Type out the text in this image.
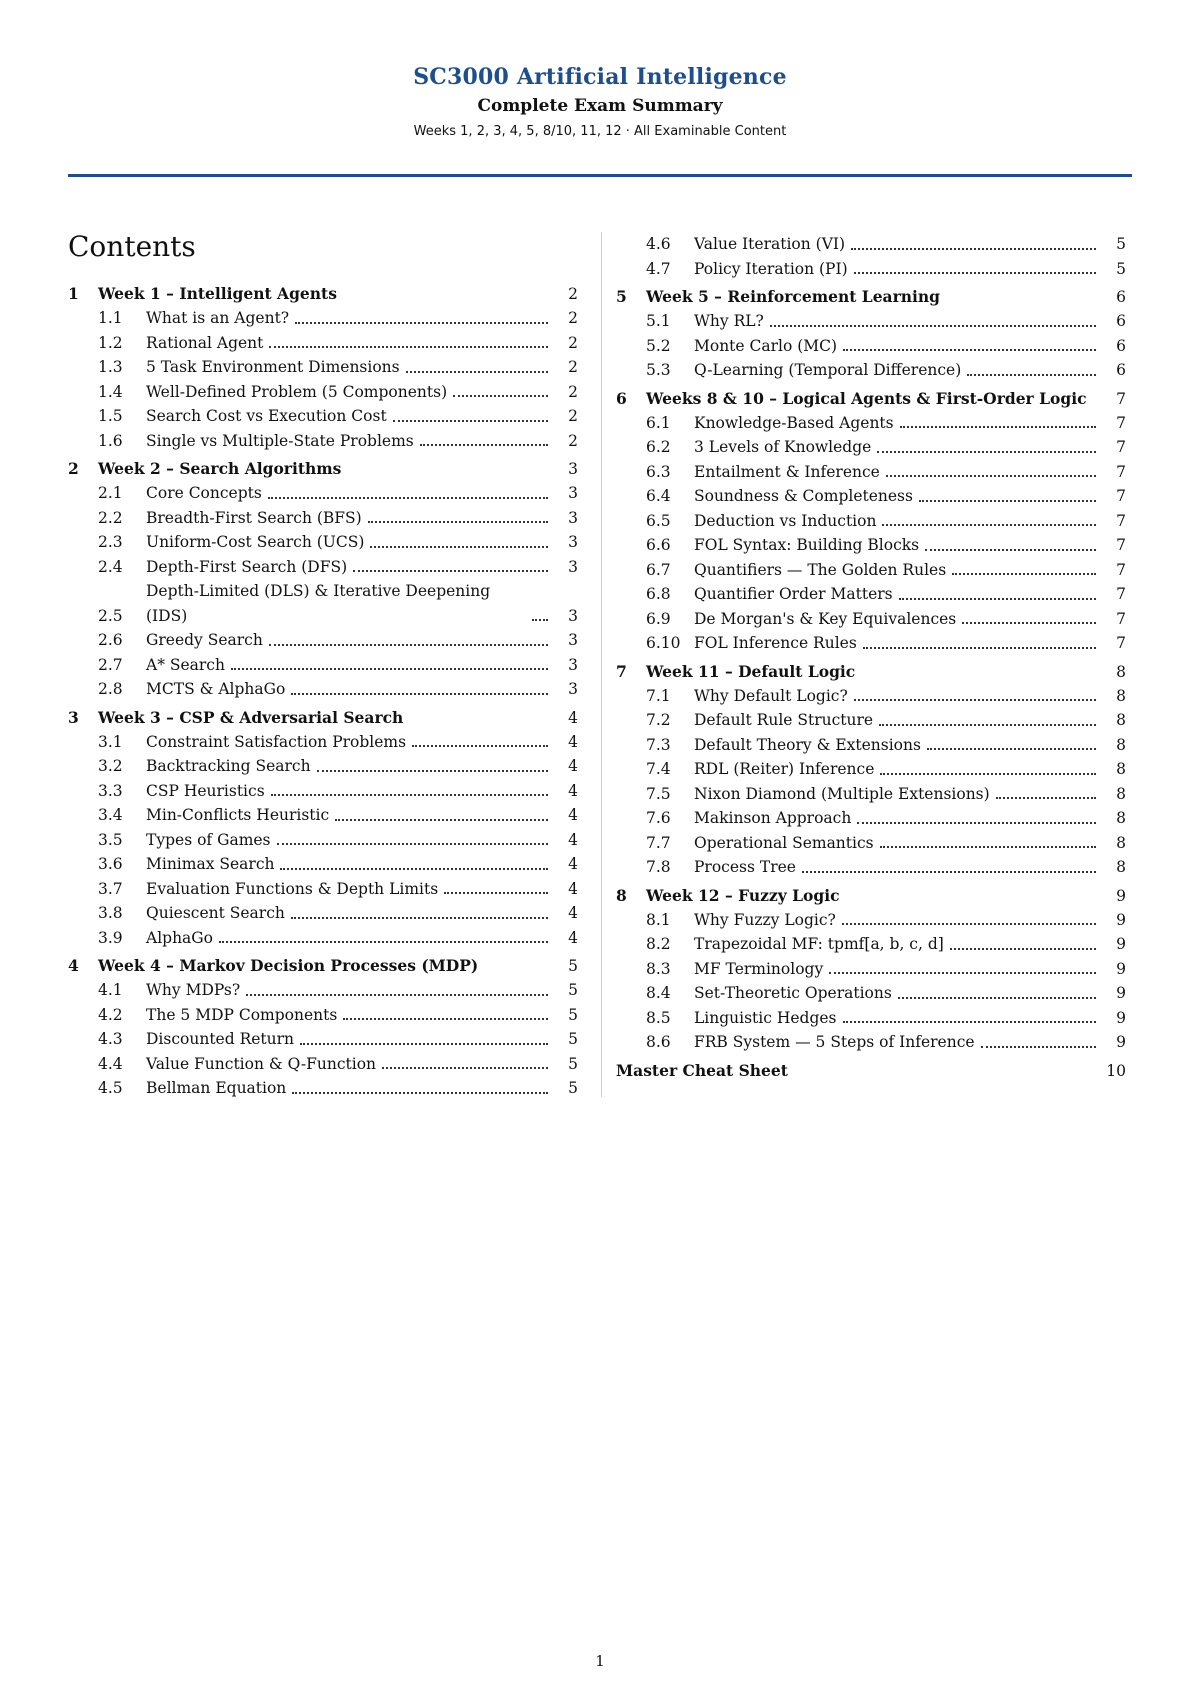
SC3000 Artificial Intelligence
Complete Exam Summary
Weeks 1, 2, 3, 4, 5, 8/10, 11, 12 · All Examinable Content
Contents
1	Week 1 – Intelligent Agents	2
1.1	What is an Agent?	2
1.2	Rational Agent	2
1.3	5 Task Environment Dimensions	2
1.4	Well-Defined Problem (5 Components)	2
1.5	Search Cost vs Execution Cost	2
1.6	Single vs Multiple-State Problems	2
2	Week 2 – Search Algorithms	3
2.1	Core Concepts	3
2.2	Breadth-First Search (BFS)	3
2.3	Uniform-Cost Search (UCS)	3
2.4	Depth-First Search (DFS)	3
2.5
Depth-Limited (DLS) & Iterative Deepening (IDS)	3
2.6	Greedy Search	3
2.7	A* Search	3
2.8	MCTS & AlphaGo	3
3	Week 3 – CSP & Adversarial Search	4
3.1	Constraint Satisfaction Problems	4
3.2	Backtracking Search	4
3.3	CSP Heuristics	4
3.4	Min-Conflicts Heuristic	4
3.5	Types of Games	4
3.6	Minimax Search	4
3.7	Evaluation Functions & Depth Limits	4
3.8	Quiescent Search	4
3.9	AlphaGo	4
4	Week 4 – Markov Decision Processes (MDP)	5
4.1	Why MDPs?	5
4.2	The 5 MDP Components	5
4.3	Discounted Return	5
4.4	Value Function & Q-Function	5
4.5	Bellman Equation	5
4.6	Value Iteration (VI)	5
4.7	Policy Iteration (PI)	5
5	Week 5 – Reinforcement Learning	6
5.1	Why RL?	6
5.2	Monte Carlo (MC)	6
5.3	Q-Learning (Temporal Difference)	6
6	Weeks 8 & 10 – Logical Agents & First-Order Logic	7
6.1	Knowledge-Based Agents	7
6.2	3 Levels of Knowledge	7
6.3	Entailment & Inference	7
6.4	Soundness & Completeness	7
6.5	Deduction vs Induction	7
6.6	FOL Syntax: Building Blocks	7
6.7	Quantifiers — The Golden Rules	7
6.8	Quantifier Order Matters	7
6.9	De Morgan's & Key Equivalences	7
6.10 FOL Inference Rules	7
7	Week 11 – Default Logic	8
7.1	Why Default Logic?	8
7.2	Default Rule Structure	8
7.3	Default Theory & Extensions	8
7.4	RDL (Reiter) Inference	8
7.5	Nixon Diamond (Multiple Extensions)	8
7.6	Makinson Approach	8
7.7	Operational Semantics	8
7.8	Process Tree	8
8	Week 12 – Fuzzy Logic	9
8.1	Why Fuzzy Logic?	9
8.2	Trapezoidal MF: tpmf[a, b, c, d]	9
8.3	MF Terminology	9
8.4	Set-Theoretic Operations	9
8.5	Linguistic Hedges	9
8.6	FRB System — 5 Steps of Inference	9
Master Cheat Sheet	10
1
